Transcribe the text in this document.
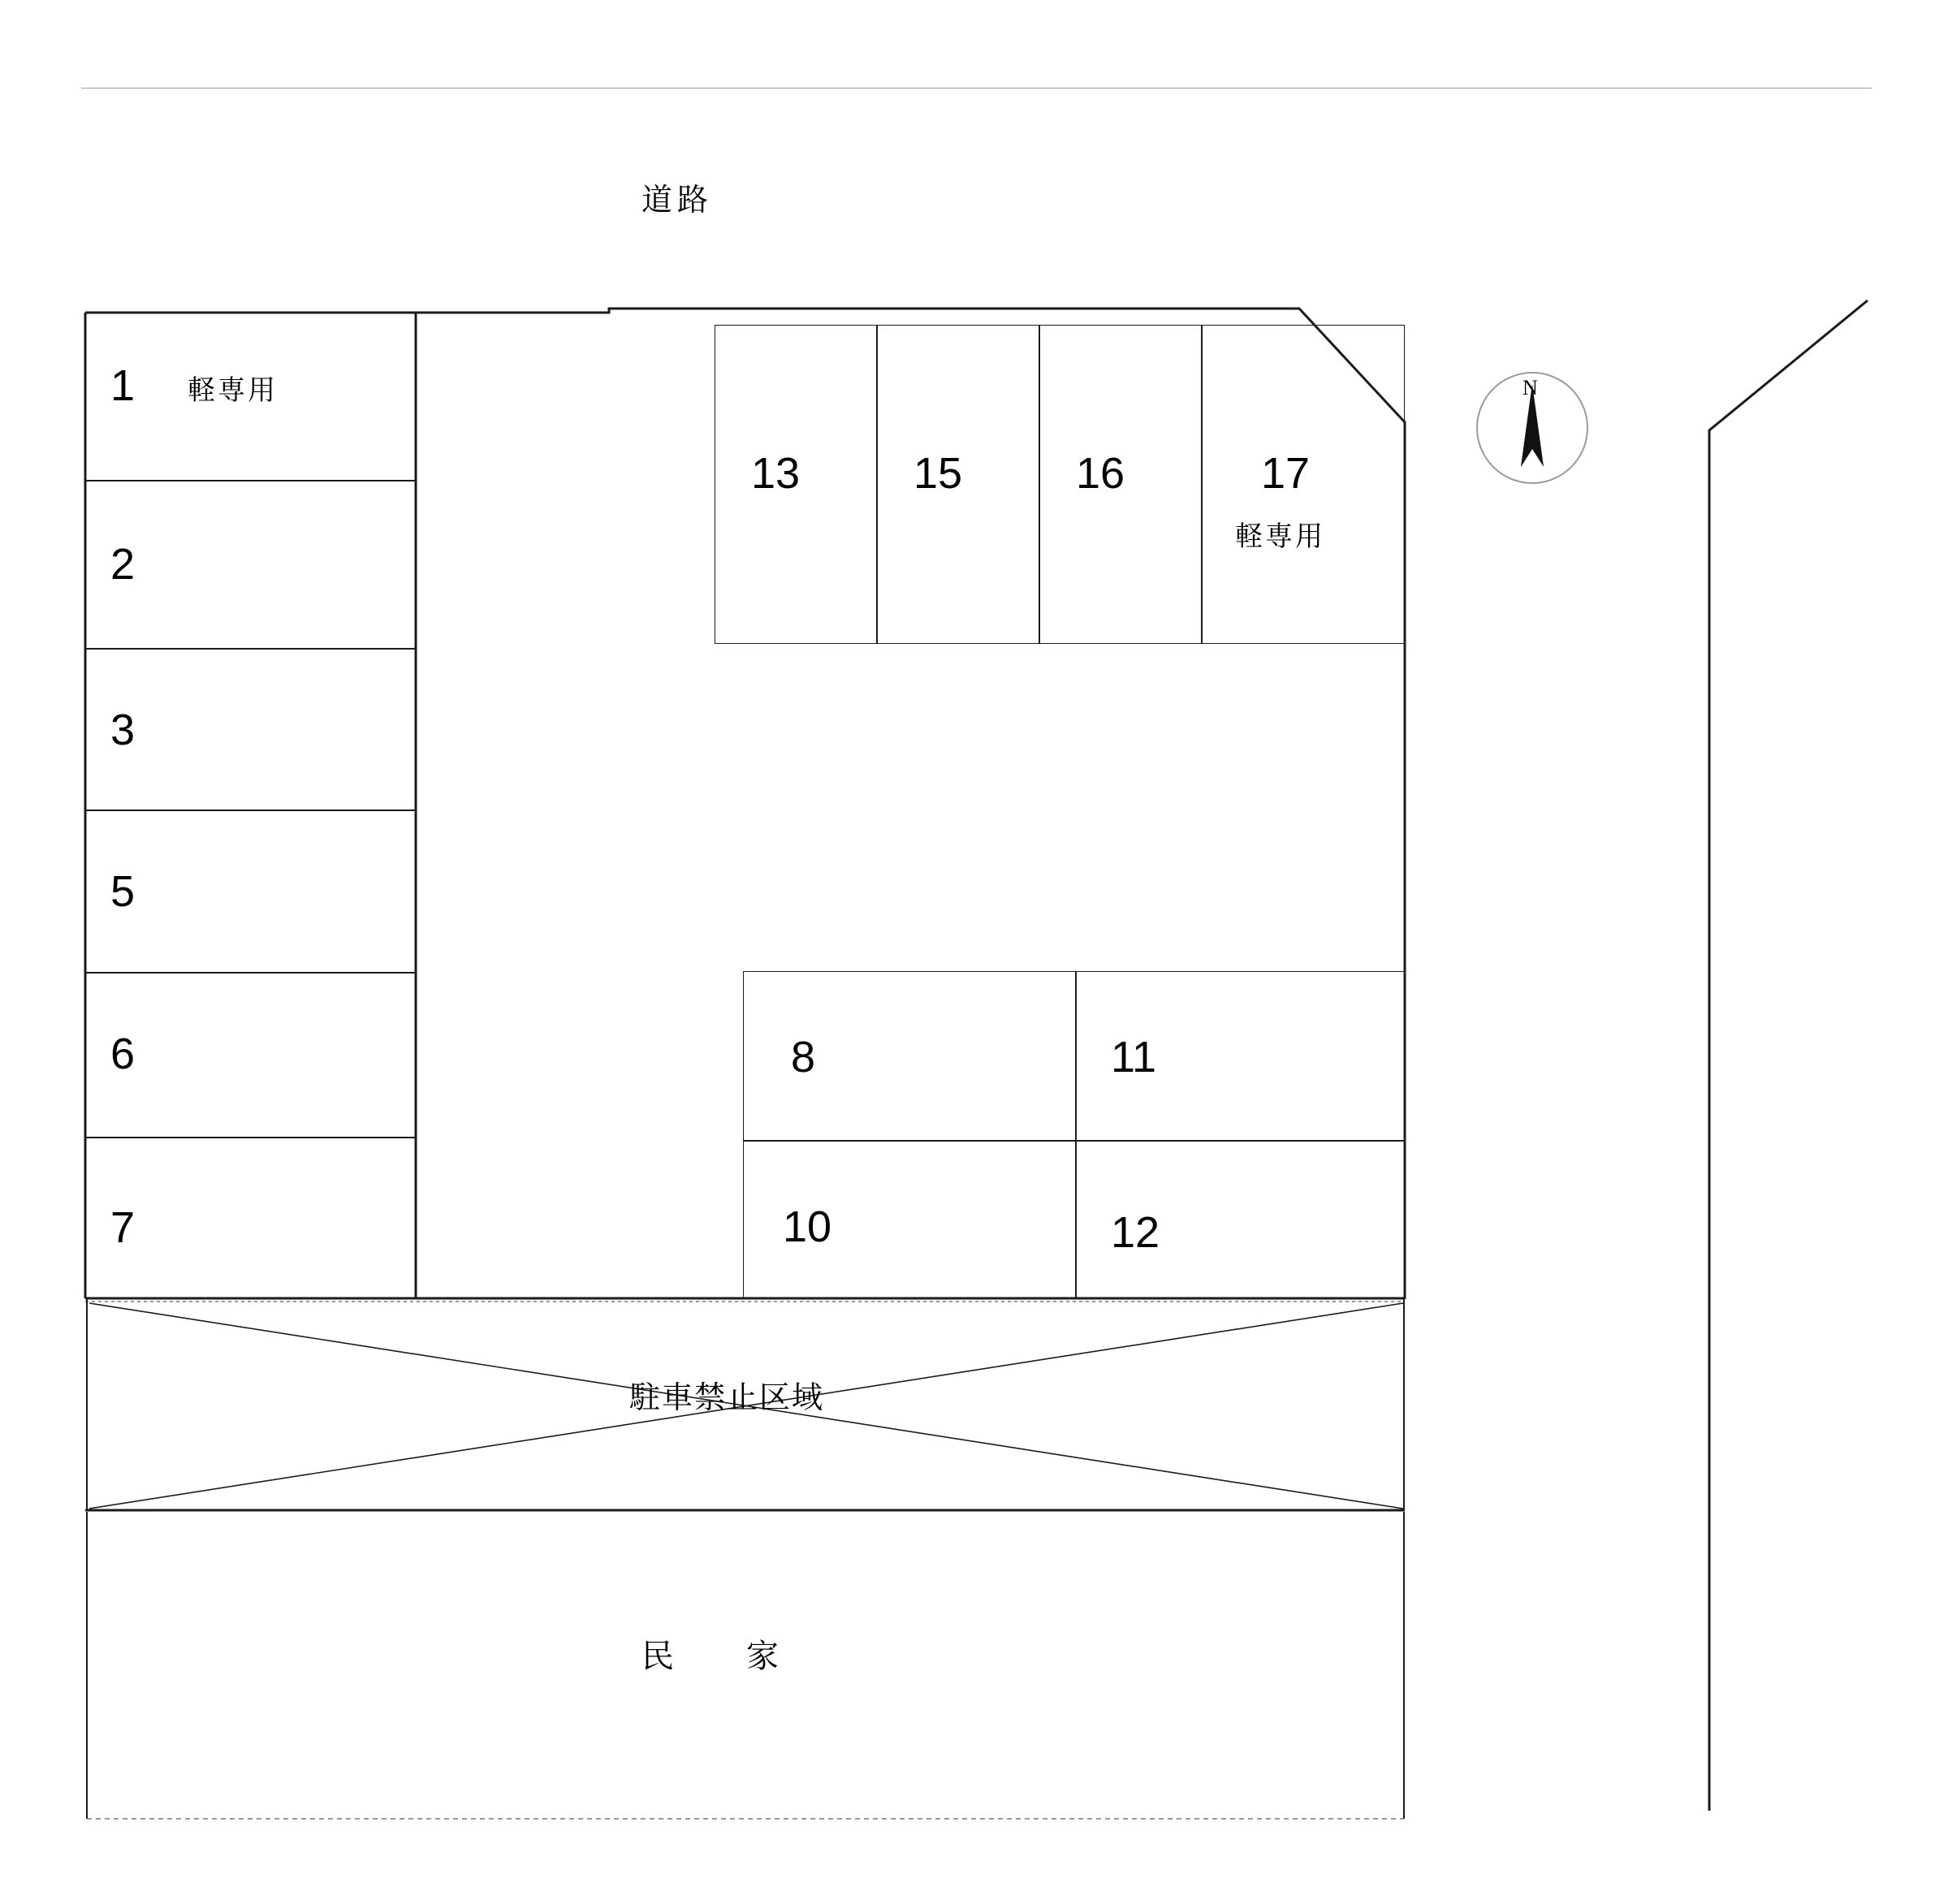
道路
1 軽専用
2
3
5
6
7
13	15	16	17
軽専用
8	11
10	12
駐車禁止区域
民　　家
N
